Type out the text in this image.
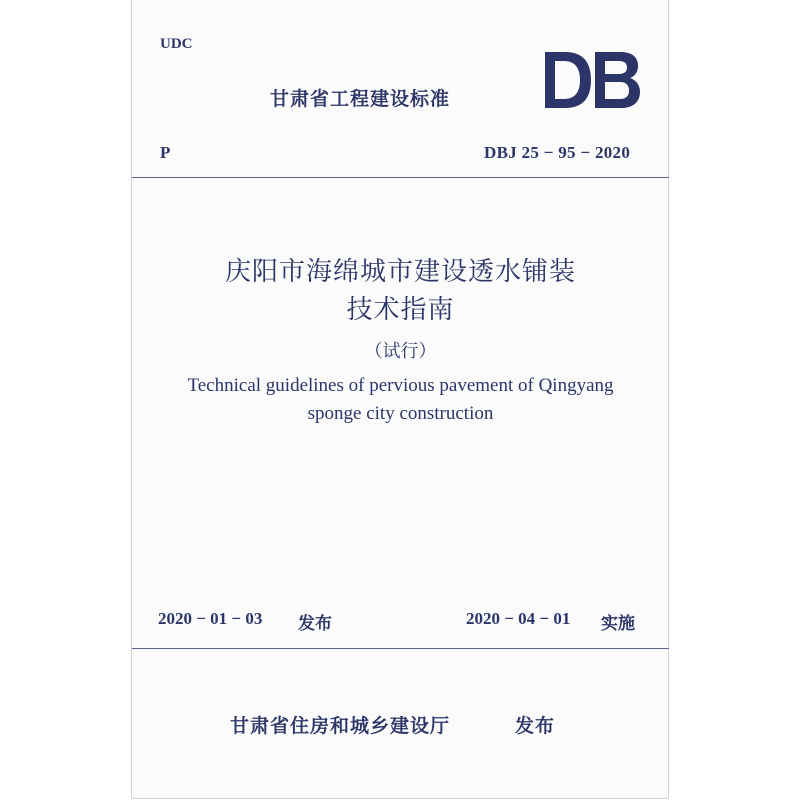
UDC
甘肃省工程建设标准
P	DBJ 25 − 95 − 2020
庆阳市海绵城市建设透水铺装
技术指南
（试行）
Technical guidelines of pervious pavement of Qingyang
sponge city construction
2020 − 01 − 03 发布	2020 − 04 − 01 实施
甘肃省住房和城乡建设厅	发布
